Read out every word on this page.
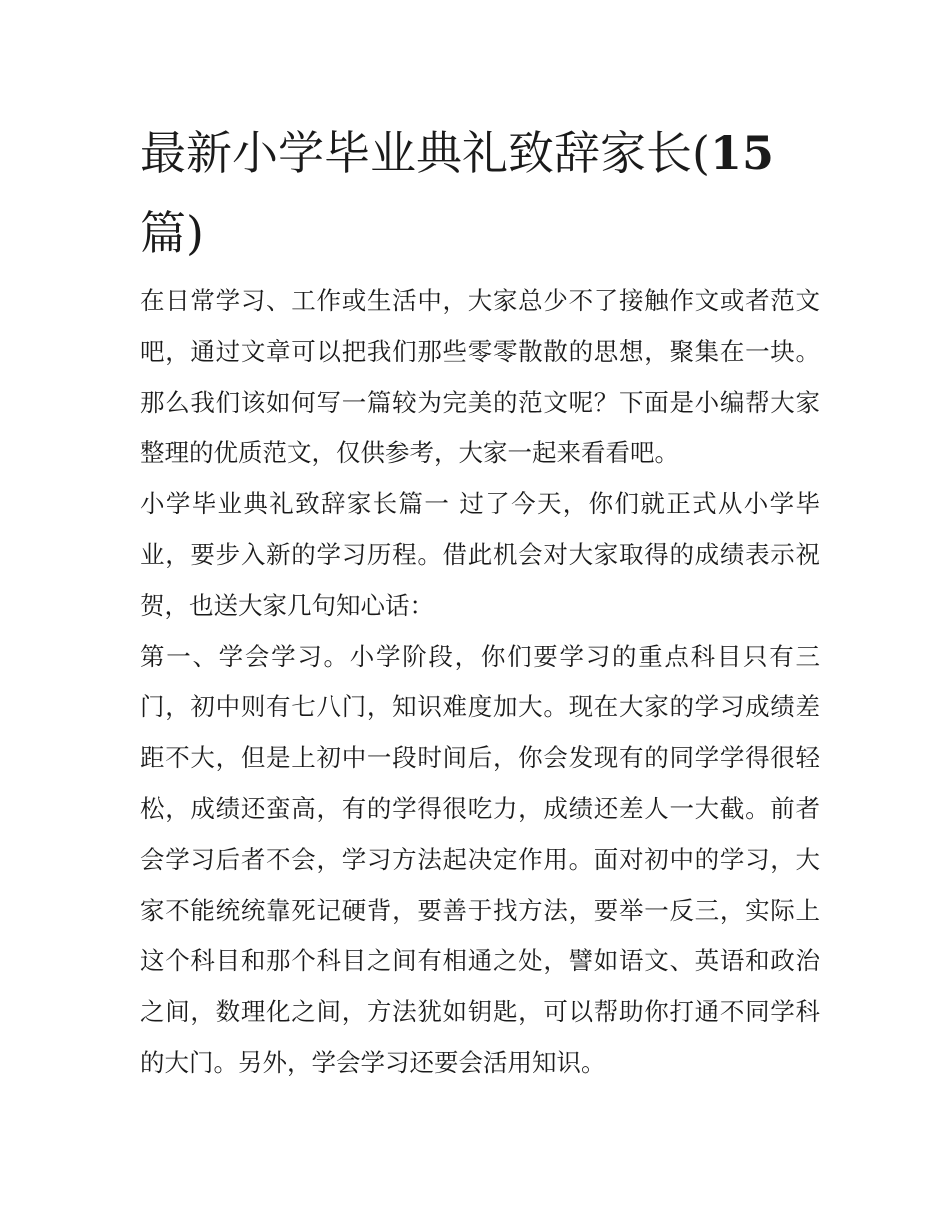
最新小学毕业典礼致辞家长(15
篇)

在日常学习、工作或生活中，大家总少不了接触作文或者范文吧，通过文章可以把我们那些零零散散的思想，聚集在一块。那么我们该如何写一篇较为完美的范文呢？下面是小编帮大家整理的优质范文，仅供参考，大家一起来看看吧。

小学毕业典礼致辞家长篇一 过了今天，你们就正式从小学毕业，要步入新的学习历程。借此机会对大家取得的成绩表示祝贺，也送大家几句知心话：

第一、学会学习。小学阶段，你们要学习的重点科目只有三门，初中则有七八门，知识难度加大。现在大家的学习成绩差距不大，但是上初中一段时间后，你会发现有的同学学得很轻松，成绩还蛮高，有的学得很吃力，成绩还差人一大截。前者会学习后者不会，学习方法起决定作用。面对初中的学习，大家不能统统靠死记硬背，要善于找方法，要举一反三，实际上这个科目和那个科目之间有相通之处，譬如语文、英语和政治之间，数理化之间，方法犹如钥匙，可以帮助你打通不同学科的大门。另外，学会学习还要会活用知识。
